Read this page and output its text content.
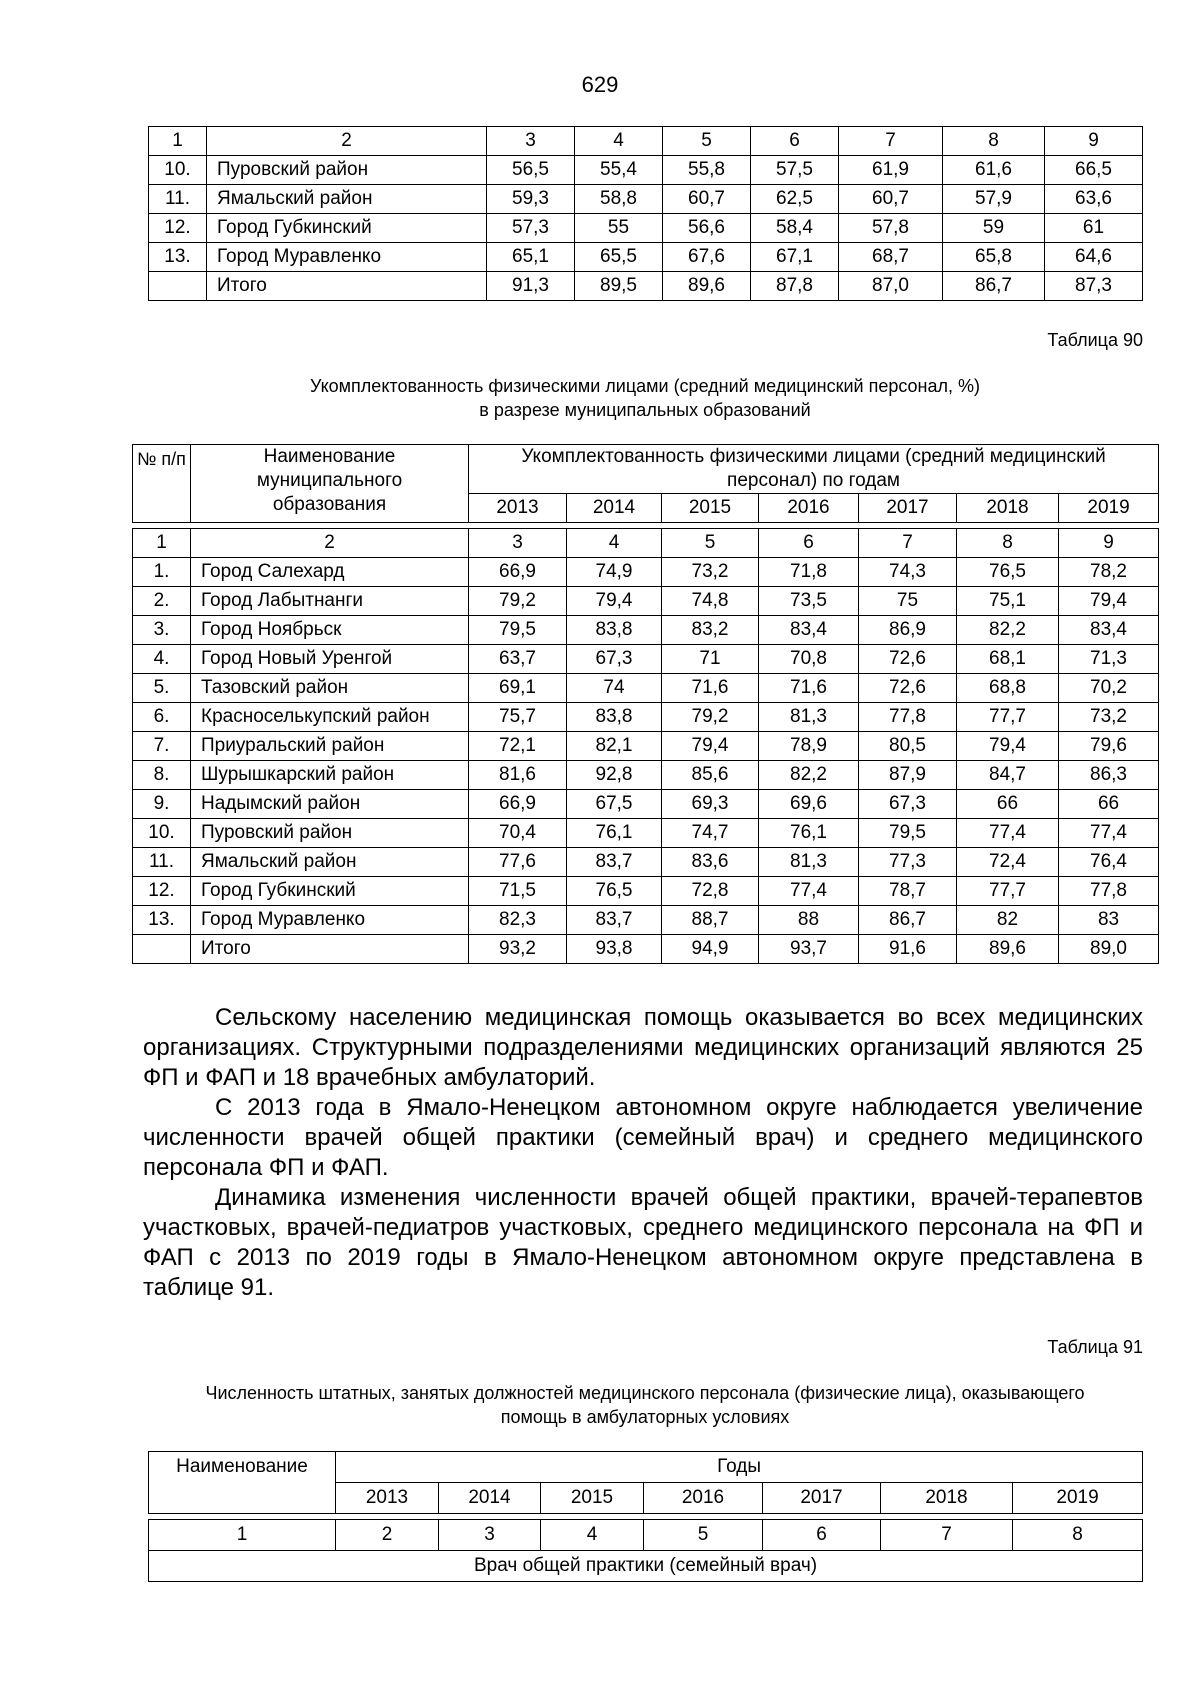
629
1	2	3	4	5	6	7	8	9
10.	Пуровский район	56,5	55,4	55,8	57,5	61,9	61,6	66,5
11.	Ямальский район	59,3	58,8	60,7	62,5	60,7	57,9	63,6
12.	Город Губкинский	57,3	55	56,6	58,4	57,8	59	61
13.	Город Муравленко	65,1	65,5	67,6	67,1	68,7	65,8	64,6
	Итого	91,3	89,5	89,6	87,8	87,0	86,7	87,3
Таблица 90
Укомплектованность физическими лицами (средний медицинский персонал, %)
в разрезе муниципальных образований
№ п/п	Наименование муниципального образования	Укомплектованность физическими лицами (средний медицинский персонал) по годам						
		2013	2014	2015	2016	2017	2018	2019

1	2	3	4	5	6	7	8	9
1.	Город Салехард	66,9	74,9	73,2	71,8	74,3	76,5	78,2
2.	Город Лабытнанги	79,2	79,4	74,8	73,5	75	75,1	79,4
3.	Город Ноябрьск	79,5	83,8	83,2	83,4	86,9	82,2	83,4
4.	Город Новый Уренгой	63,7	67,3	71	70,8	72,6	68,1	71,3
5.	Тазовский район	69,1	74	71,6	71,6	72,6	68,8	70,2
6.	Красноселькупский район	75,7	83,8	79,2	81,3	77,8	77,7	73,2
7.	Приуральский район	72,1	82,1	79,4	78,9	80,5	79,4	79,6
8.	Шурышкарский район	81,6	92,8	85,6	82,2	87,9	84,7	86,3
9.	Надымский район	66,9	67,5	69,3	69,6	67,3	66	66
10.	Пуровский район	70,4	76,1	74,7	76,1	79,5	77,4	77,4
11.	Ямальский район	77,6	83,7	83,6	81,3	77,3	72,4	76,4
12.	Город Губкинский	71,5	76,5	72,8	77,4	78,7	77,7	77,8
13.	Город Муравленко	82,3	83,7	88,7	88	86,7	82	83
	Итого	93,2	93,8	94,9	93,7	91,6	89,6	89,0

Сельскому населению медицинская помощь оказывается во всех медицинских организациях. Структурными подразделениями медицинских организаций являются 25 ФП и ФАП и 18 врачебных амбулаторий.

С 2013 года в Ямало-Ненецком автономном округе наблюдается увеличение численности врачей общей практики (семейный врач) и среднего медицинского персонала ФП и ФАП.

Динамика изменения численности врачей общей практики, врачей-терапевтов участковых, врачей-педиатров участковых, среднего медицинского персонала на ФП и ФАП с 2013 по 2019 годы в Ямало-Ненецком автономном округе представлена в таблице 91.

Таблица 91
Численность штатных, занятых должностей медицинского персонала (физические лица), оказывающего
помощь в амбулаторных условиях
Наименование	Годы						
	2013	2014	2015	2016	2017	2018	2019

1	2	3	4	5	6	7	8
Врач общей практики (семейный врач)							
